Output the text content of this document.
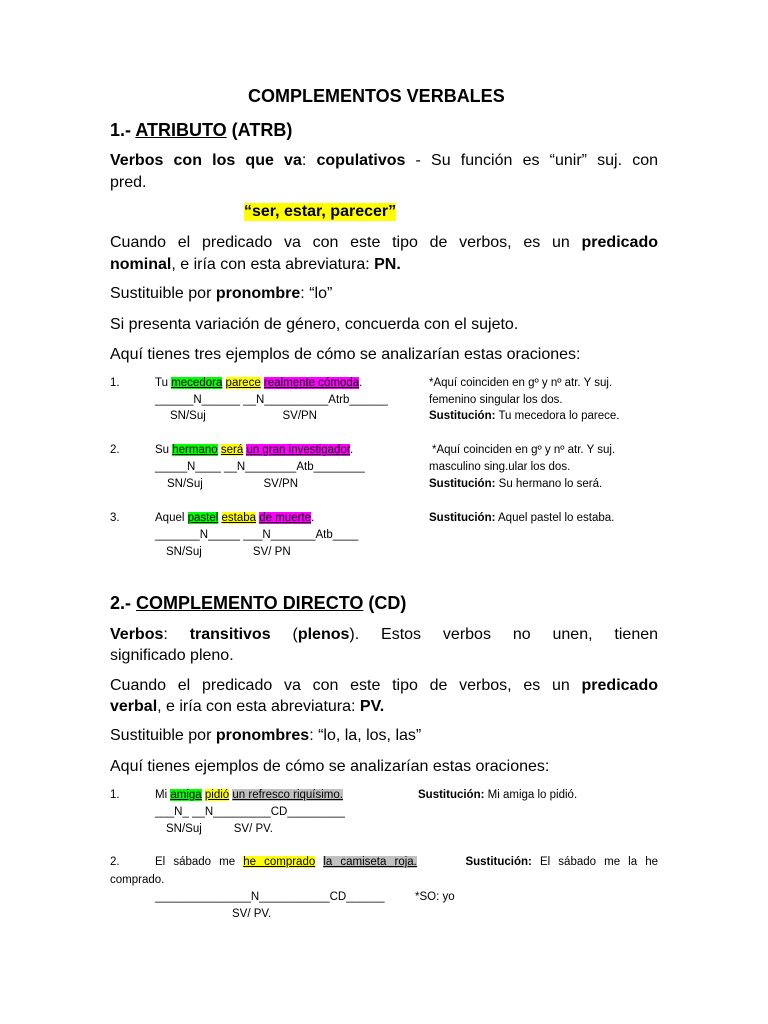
COMPLEMENTOS VERBALES
1.- ATRIBUTO (ATRB)
Verbos con los que va: copulativos - Su función es “unir” suj. con
pred.
“ser, estar, parecer”
Cuando el predicado va con este tipo de verbos, es un predicado
nominal, e iría con esta abreviatura: PN.
Sustituible por pronombre: “lo”
Si presenta variación de género, concuerda con el sujeto.
Aquí tienes tres ejemplos de cómo se analizarían estas oraciones:
1.	Tu mecedora parece realmente cómoda.
______N______ __N__________Atrb______
SN/Suj                        SV/PN
*Aquí coinciden en gº y nº atr. Y suj.
femenino singular los dos.
Sustitución: Tu mecedora lo parece.
2.	Su hermano será un gran investigador.
_____N____ __N________Atb________
SN/Suj                   SV/PN
*Aquí coinciden en gº y nº atr. Y suj.
masculino sing.ular los dos.
Sustitución: Su hermano lo será.
3.	Aquel pastel estaba de muerte.
_______N_____ ___N_______Atb____
SN/Suj                SV/ PN
Sustitución: Aquel pastel lo estaba.
2.- COMPLEMENTO DIRECTO (CD)
Verbos: transitivos (plenos). Estos verbos no unen, tienen
significado pleno.
Cuando el predicado va con este tipo de verbos, es un predicado
verbal, e iría con esta abreviatura: PV.
Sustituible por pronombres: “lo, la, los, las”
Aquí tienes ejemplos de cómo se analizarían estas oraciones:
1.	Mi amiga pidió un refresco riquísimo.
___N_ __N_________CD_________
SN/Suj          SV/ PV.
Sustitución: Mi amiga lo pidió.
2.	El sábado me he comprado la camiseta roja.	Sustitución: El sábado me la he
comprado.
_______________N___________CD______	*SO: yo
SV/ PV.
